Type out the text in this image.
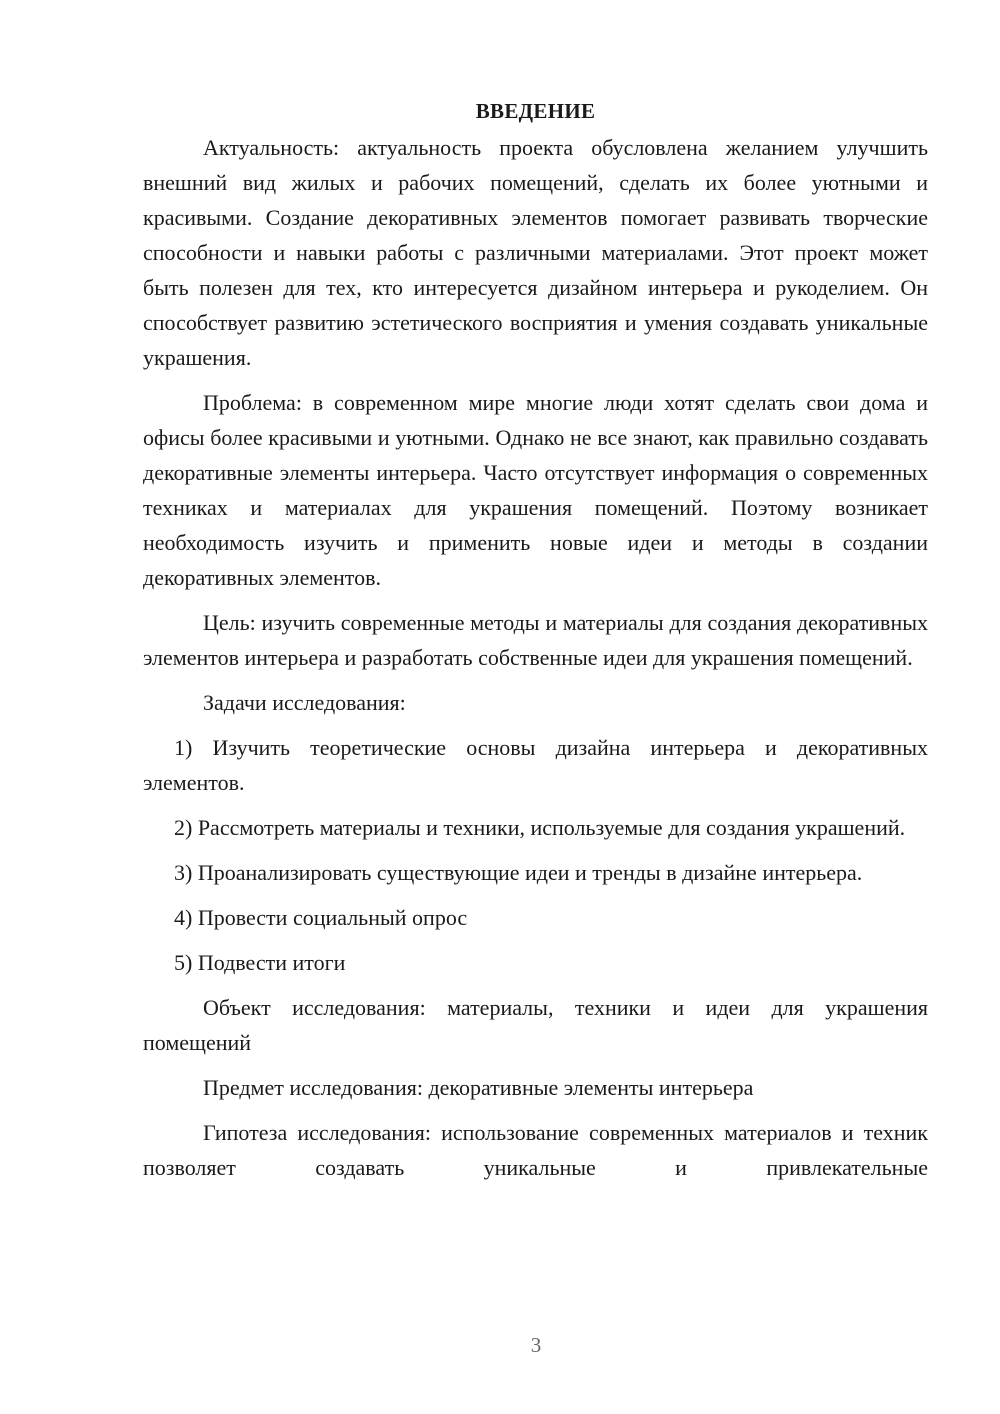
ВВЕДЕНИЕ

Актуальность: актуальность проекта обусловлена желанием улучшить внешний вид жилых и рабочих помещений, сделать их более уютными и красивыми. Создание декоративных элементов помогает развивать творческие способности и навыки работы с различными материалами. Этот проект может быть полезен для тех, кто интересуется дизайном интерьера и рукоделием. Он способствует развитию эстетического восприятия и умения создавать уникальные украшения.

Проблема: в современном мире многие люди хотят сделать свои дома и офисы более красивыми и уютными. Однако не все знают, как правильно создавать декоративные элементы интерьера. Часто отсутствует информация о современных техниках и материалах для украшения помещений. Поэтому возникает необходимость изучить и применить новые идеи и методы в создании декоративных элементов.

Цель: изучить современные методы и материалы для создания декоративных элементов интерьера и разработать собственные идеи для украшения помещений.

Задачи исследования:

1) Изучить теоретические основы дизайна интерьера и декоративных элементов.

2) Рассмотреть материалы и техники, используемые для создания украшений.

3) Проанализировать существующие идеи и тренды в дизайне интерьера.

4) Провести социальный опрос

5) Подвести итоги

Объект исследования: материалы, техники и идеи для украшения помещений

Предмет исследования: декоративные элементы интерьера

Гипотеза исследования: использование современных материалов и техник позволяет создавать уникальные и привлекательные

3
